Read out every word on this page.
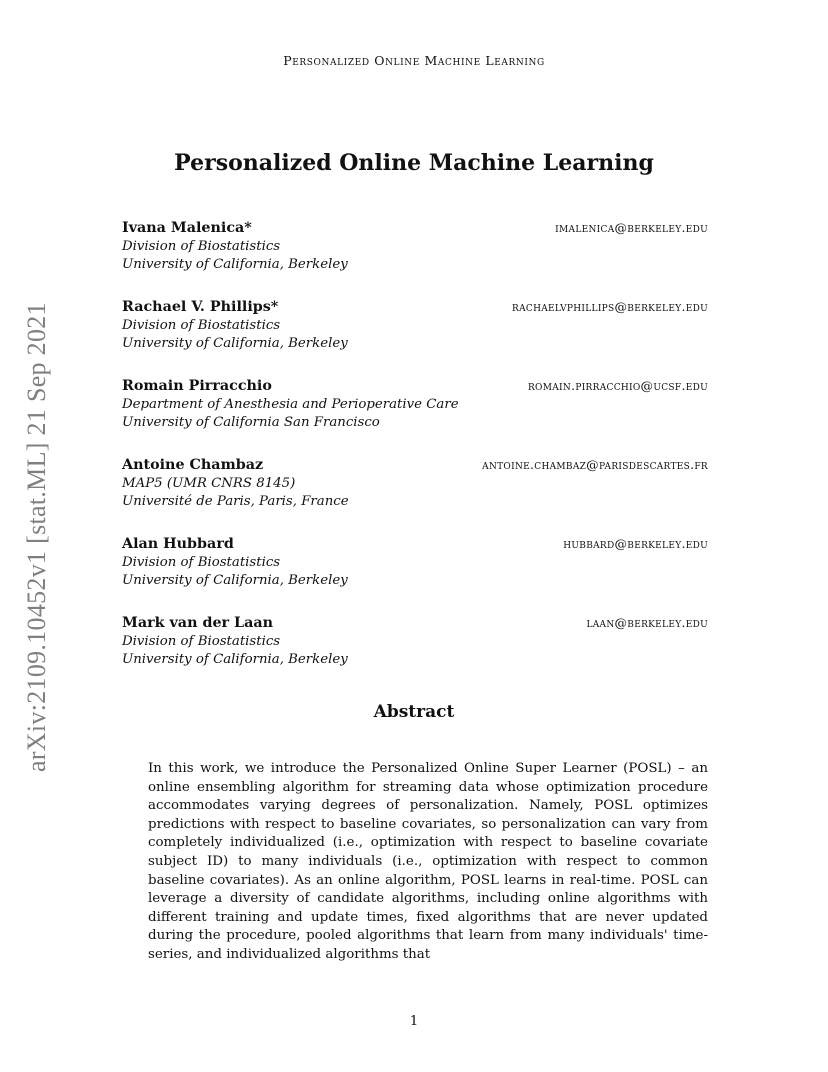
Personalized Online Machine Learning
arXiv:2109.10452v1 [stat.ML] 21 Sep 2021
Personalized Online Machine Learning
Ivana Malenica*	imalenica@berkeley.edu
Division of Biostatistics
University of California, Berkeley
Rachael V. Phillips*	rachaelvphillips@berkeley.edu
Division of Biostatistics
University of California, Berkeley
Romain Pirracchio	romain.pirracchio@ucsf.edu
Department of Anesthesia and Perioperative Care
University of California San Francisco
Antoine Chambaz	antoine.chambaz@parisdescartes.fr
MAP5 (UMR CNRS 8145)
Université de Paris, Paris, France
Alan Hubbard	hubbard@berkeley.edu
Division of Biostatistics
University of California, Berkeley
Mark van der Laan	laan@berkeley.edu
Division of Biostatistics
University of California, Berkeley
Abstract

In this work, we introduce the Personalized Online Super Learner (POSL) – an online ensembling algorithm for streaming data whose optimization procedure accommodates varying degrees of personalization. Namely, POSL optimizes predictions with respect to baseline covariates, so personalization can vary from completely individualized (i.e., optimization with respect to baseline covariate subject ID) to many individuals (i.e., optimization with respect to common baseline covariates). As an online algorithm, POSL learns in real-time. POSL can leverage a diversity of candidate algorithms, including online algorithms with different training and update times, fixed algorithms that are never updated during the procedure, pooled algorithms that learn from many individuals' time-series, and individualized algorithms that

1
